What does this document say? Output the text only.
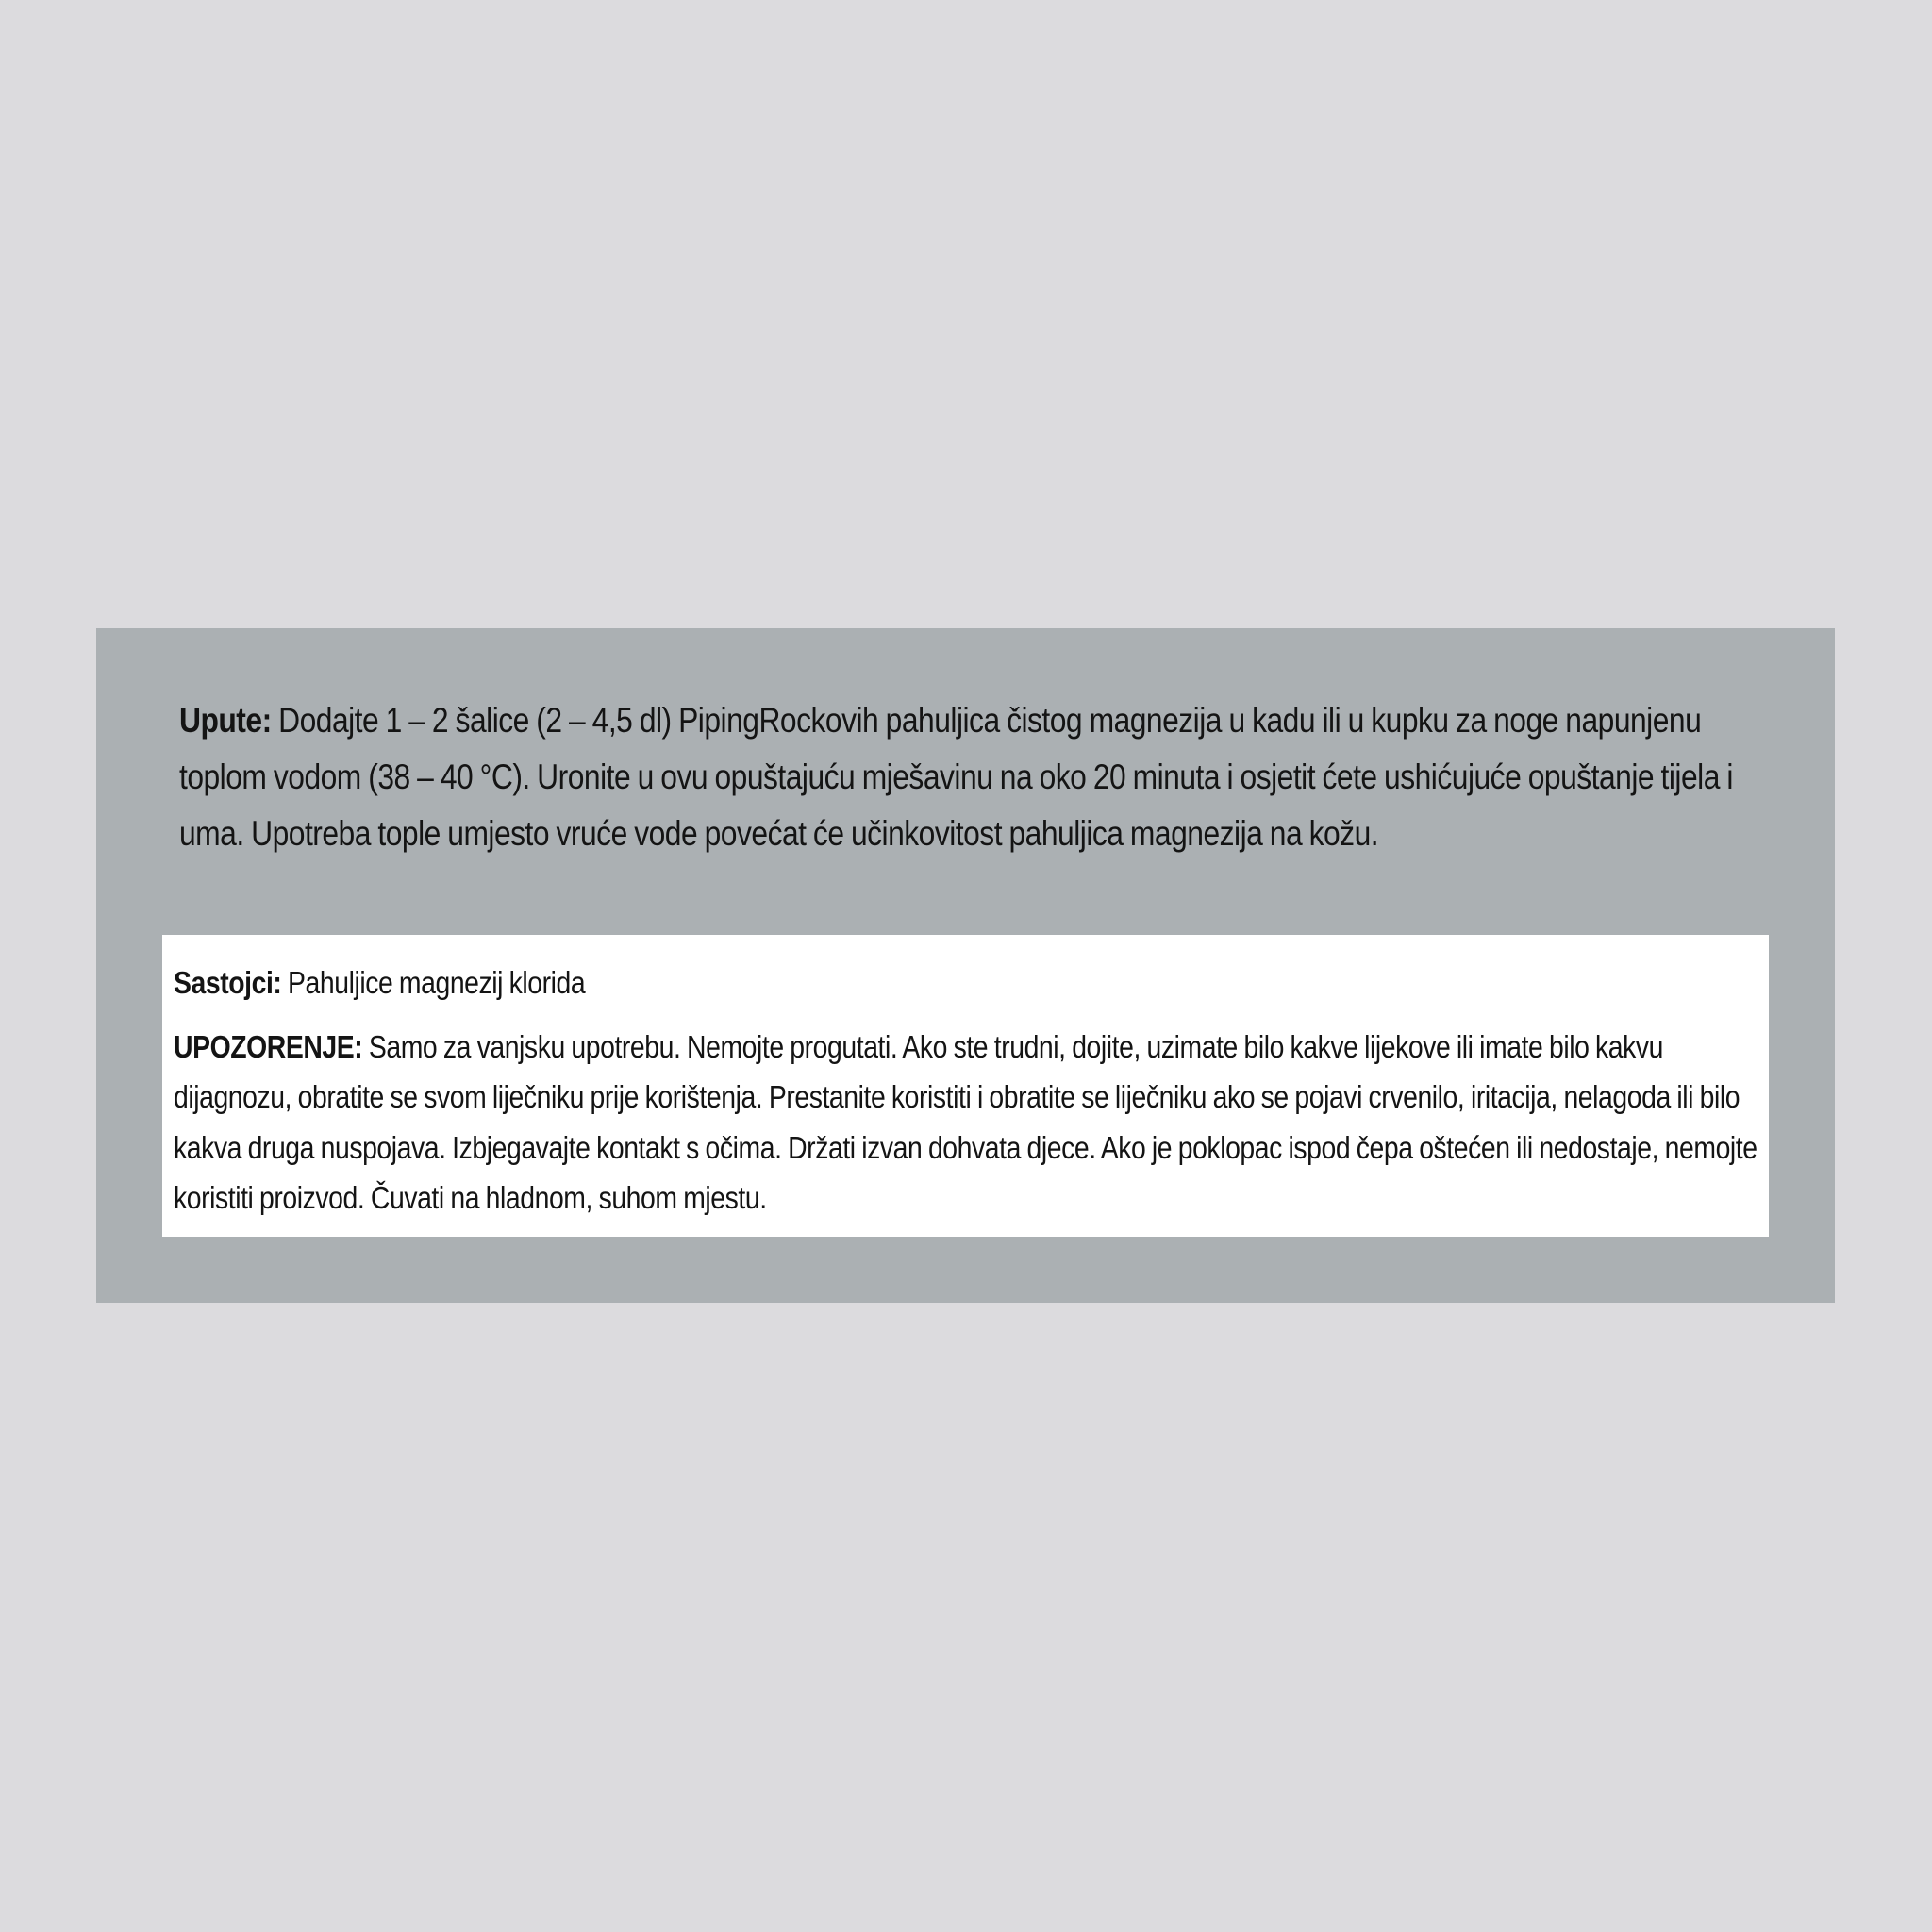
Upute: Dodajte 1 – 2 šalice (2 – 4,5 dl) PipingRockovih pahuljica čistog magnezija u kadu ili u kupku za noge napunjenu toplom vodom (38 – 40 °C). Uronite u ovu opuštajuću mješavinu na oko 20 minuta i osjetit ćete ushićujuće opuštanje tijela i uma. Upotreba tople umjesto vruće vode povećat će učinkovitost pahuljica magnezija na kožu.

Sastojci: Pahuljice magnezij klorida

UPOZORENJE: Samo za vanjsku upotrebu. Nemojte progutati. Ako ste trudni, dojite, uzimate bilo kakve lijekove ili imate bilo kakvu dijagnozu, obratite se svom liječniku prije korištenja. Prestanite koristiti i obratite se liječniku ako se pojavi crvenilo, iritacija, nelagoda ili bilo kakva druga nuspojava. Izbjegavajte kontakt s očima. Držati izvan dohvata djece. Ako je poklopac ispod čepa oštećen ili nedostaje, nemojte koristiti proizvod. Čuvati na hladnom, suhom mjestu.
